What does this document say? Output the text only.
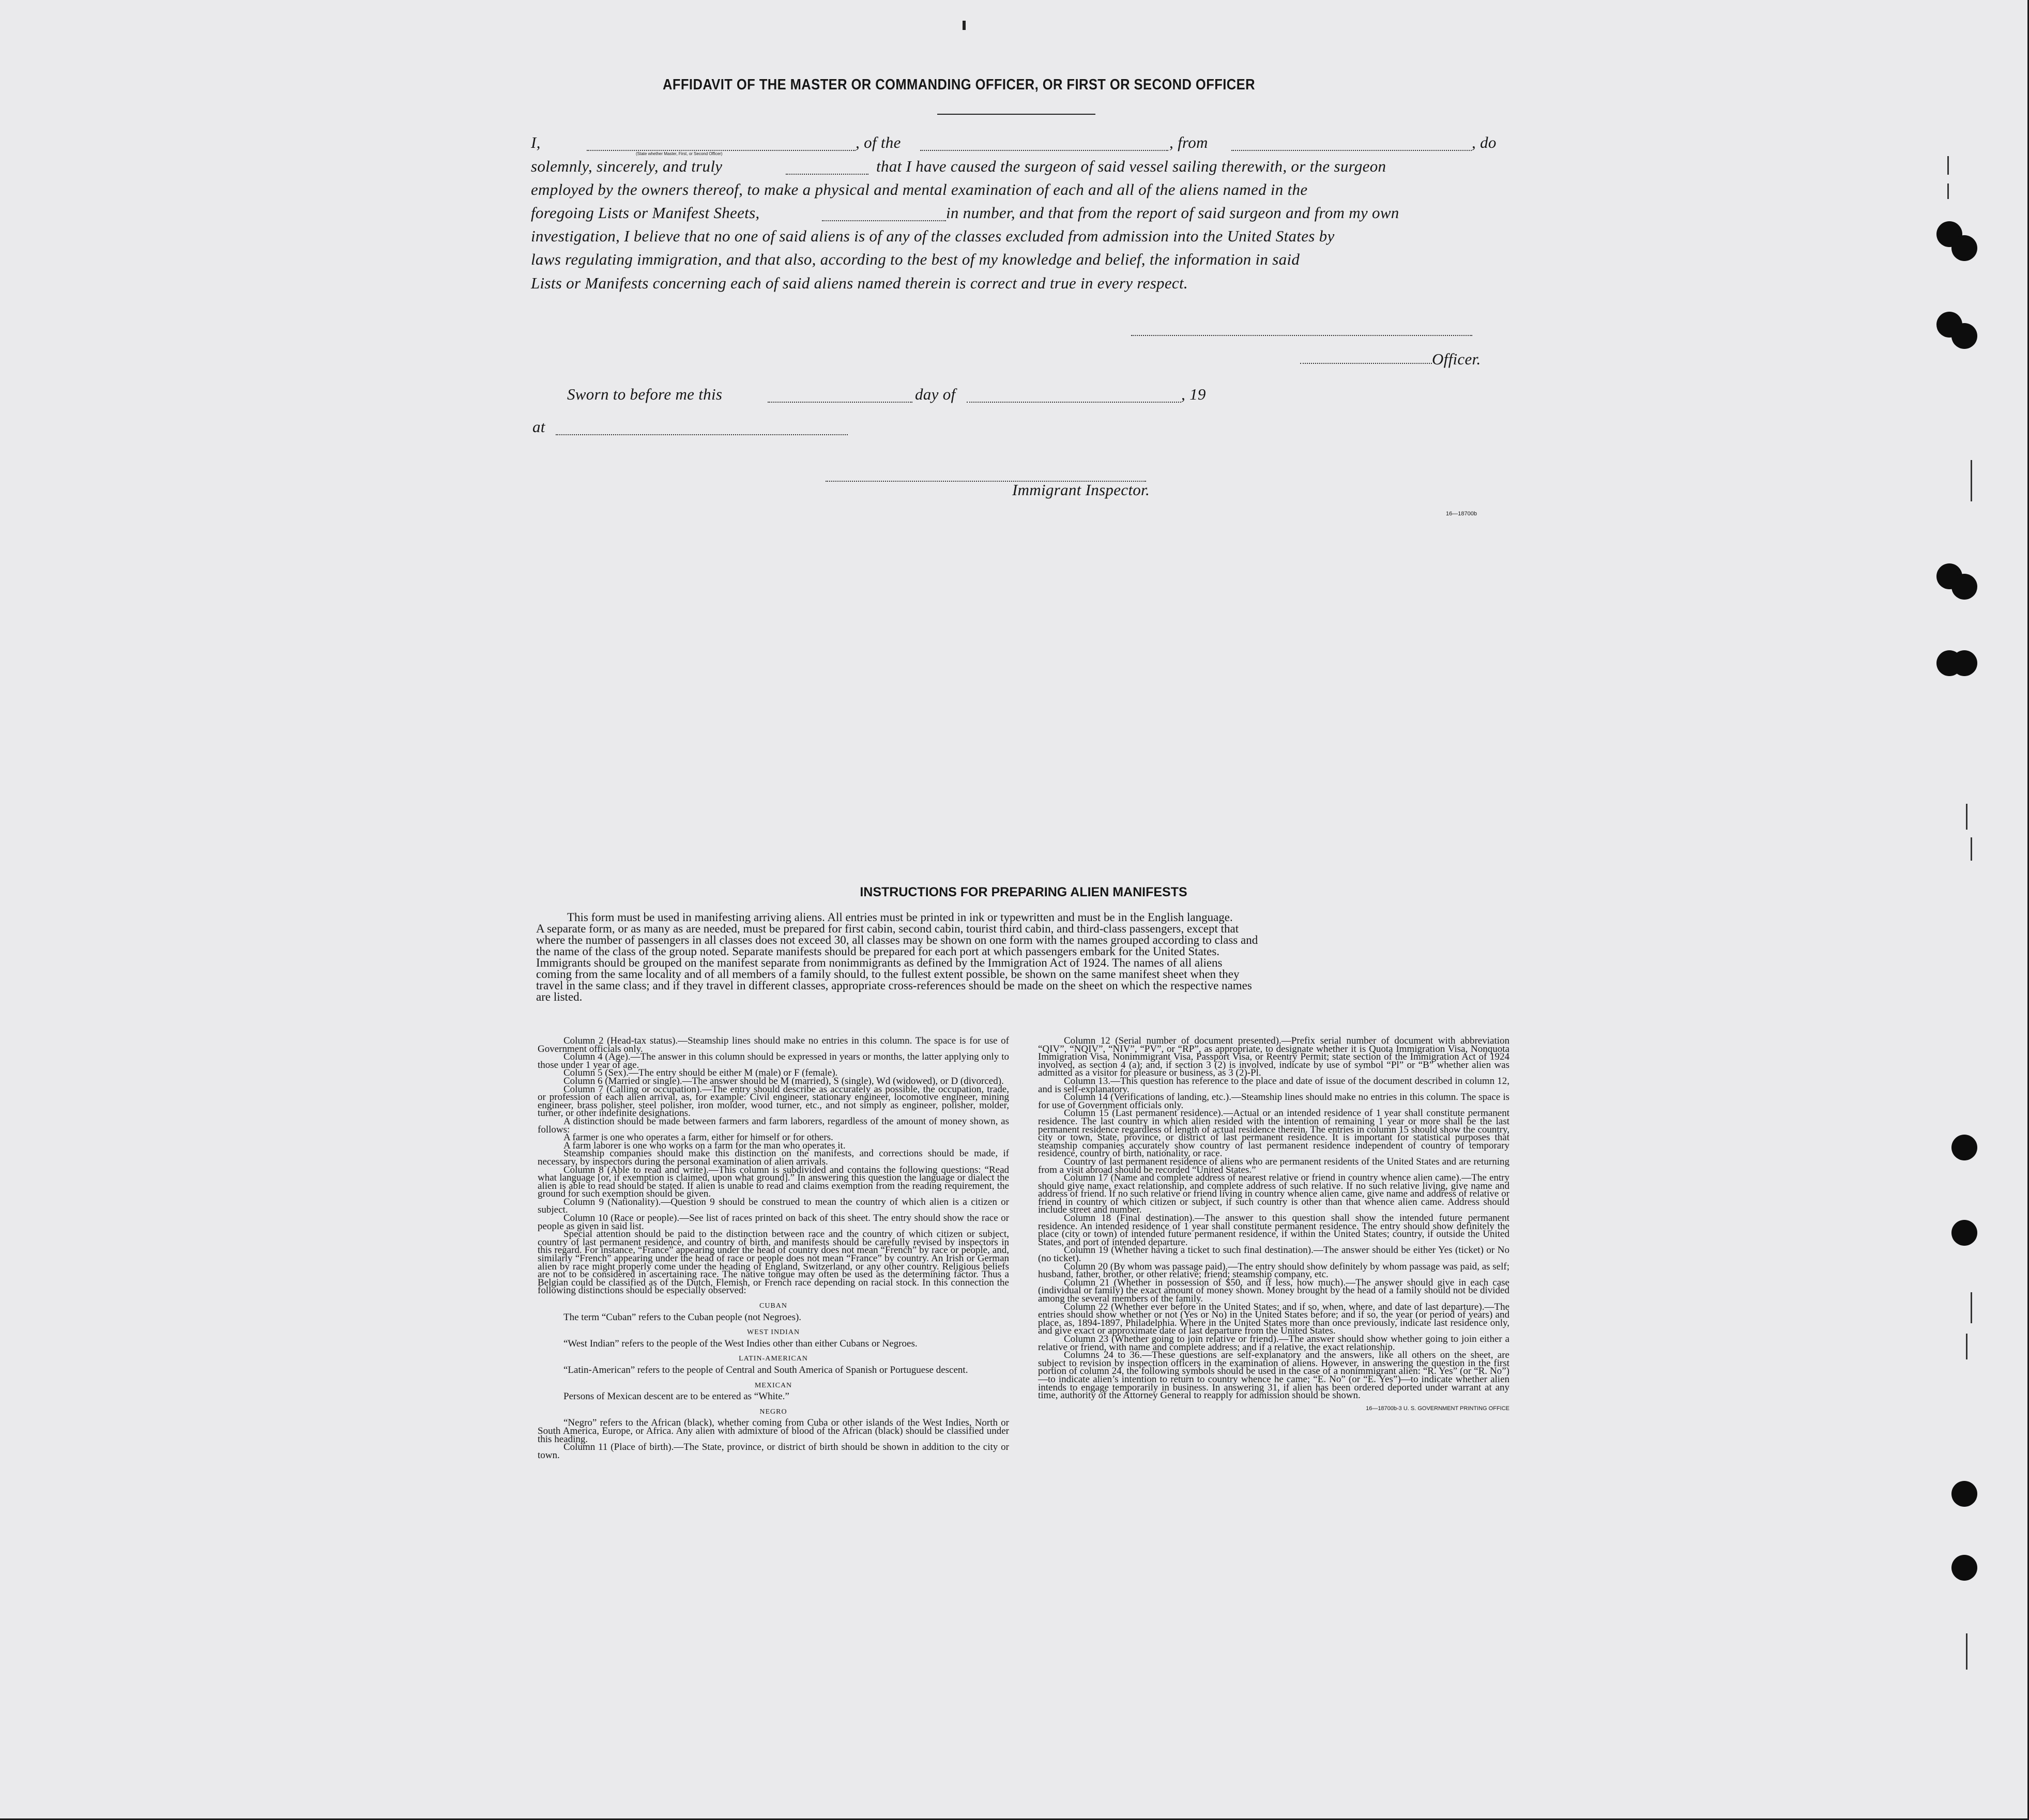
AFFIDAVIT OF THE MASTER OR COMMANDING OFFICER, OR FIRST OR SECOND OFFICER
I,
(State whether Master, First, or Second Officer)
, of the	, from	, do
solemnly, sincerely, and truly	that I have caused the surgeon of said vessel sailing therewith, or the surgeon
employed by the owners thereof, to make a physical and mental examination of each and all of the aliens named in the
foregoing Lists or Manifest Sheets,	in number, and that from the report of said surgeon and from my own
investigation, I believe that no one of said aliens is of any of the classes excluded from admission into the United States by
laws regulating immigration, and that also, according to the best of my knowledge and belief, the information in said
Lists or Manifests concerning each of said aliens named therein is correct and true in every respect.
Officer.
Sworn to before me this	day of	, 19
at
Immigrant Inspector.
16—18700b
INSTRUCTIONS FOR PREPARING ALIEN MANIFESTS
This form must be used in manifesting arriving aliens. All entries must be printed in ink or typewritten and must be in the English language.
A separate form, or as many as are needed, must be prepared for first cabin, second cabin, tourist third cabin, and third-class passengers, except that
where the number of passengers in all classes does not exceed 30, all classes may be shown on one form with the names grouped according to class and
the name of the class of the group noted. Separate manifests should be prepared for each port at which passengers embark for the United States.
Immigrants should be grouped on the manifest separate from nonimmigrants as defined by the Immigration Act of 1924. The names of all aliens
coming from the same locality and of all members of a family should, to the fullest extent possible, be shown on the same manifest sheet when they
travel in the same class; and if they travel in different classes, appropriate cross-references should be made on the sheet on which the respective names
are listed.

Column 2 (Head-tax status).—Steamship lines should make no entries in this column. The space is for use of Government officials only.

Column 4 (Age).—The answer in this column should be expressed in years or months, the latter applying only to those under 1 year of age.

Column 5 (Sex).—The entry should be either M (male) or F (female).

Column 6 (Married or single).—The answer should be M (married), S (single), Wd (widowed), or D (divorced).

Column 7 (Calling or occupation).—The entry should describe as accurately as possible, the occupation, trade, or profession of each alien arrival, as, for example: Civil engineer, stationary engineer, locomotive engineer, mining engineer, brass polisher, steel polisher, iron molder, wood turner, etc., and not simply as engineer, polisher, molder, turner, or other indefinite designations.

A distinction should be made between farmers and farm laborers, regardless of the amount of money shown, as follows:

A farmer is one who operates a farm, either for himself or for others.

A farm laborer is one who works on a farm for the man who operates it.

Steamship companies should make this distinction on the manifests, and corrections should be made, if necessary, by inspectors during the personal examination of alien arrivals.

Column 8 (Able to read and write).—This column is subdivided and contains the following questions: “Read what language [or, if exemption is claimed, upon what ground].” In answering this question the language or dialect the alien is able to read should be stated. If alien is unable to read and claims exemption from the reading requirement, the ground for such exemption should be given.

Column 9 (Nationality).—Question 9 should be construed to mean the country of which alien is a citizen or subject.

Column 10 (Race or people).—See list of races printed on back of this sheet. The entry should show the race or people as given in said list.

Special attention should be paid to the distinction between race and the country of which citizen or subject, country of last permanent residence, and country of birth, and manifests should be carefully revised by inspectors in this regard. For instance, “France” appearing under the head of country does not mean “French” by race or people, and, similarly “French” appearing under the head of race or people does not mean “France” by country. An Irish or German alien by race might properly come under the heading of England, Switzerland, or any other country. Religious beliefs are not to be considered in ascertaining race. The native tongue may often be used as the determining factor. Thus a Belgian could be classified as of the Dutch, Flemish, or French race depending on racial stock. In this connection the following distinctions should be especially observed:

CUBAN

The term “Cuban” refers to the Cuban people (not Negroes).

WEST INDIAN

“West Indian” refers to the people of the West Indies other than either Cubans or Negroes.

LATIN-AMERICAN

“Latin-American” refers to the people of Central and South America of Spanish or Portuguese descent.

MEXICAN

Persons of Mexican descent are to be entered as “White.”

NEGRO

“Negro” refers to the African (black), whether coming from Cuba or other islands of the West Indies, North or South America, Europe, or Africa. Any alien with admixture of blood of the African (black) should be classified under this heading.

Column 11 (Place of birth).—The State, province, or district of birth should be shown in addition to the city or town.

Column 12 (Serial number of document presented).—Prefix serial number of document with abbreviation “QIV”, “NQIV”, “NIV”, “PV”, or “RP”, as appropriate, to designate whether it is Quota Immigration Visa, Nonquota Immigration Visa, Nonimmigrant Visa, Passport Visa, or Reentry Permit; state section of the Immigration Act of 1924 involved, as section 4 (a); and, if section 3 (2) is involved, indicate by use of symbol “Pl” or “B” whether alien was admitted as a visitor for pleasure or business, as 3 (2)-Pl.

Column 13.—This question has reference to the place and date of issue of the document described in column 12, and is self-explanatory.

Column 14 (Verifications of landing, etc.).—Steamship lines should make no entries in this column. The space is for use of Government officials only.

Column 15 (Last permanent residence).—Actual or an intended residence of 1 year shall constitute permanent residence. The last country in which alien resided with the intention of remaining 1 year or more shall be the last permanent residence regardless of length of actual residence therein. The entries in column 15 should show the country, city or town, State, province, or district of last permanent residence. It is important for statistical purposes that steamship companies accurately show country of last permanent residence independent of country of temporary residence, country of birth, nationality, or race.

Country of last permanent residence of aliens who are permanent residents of the United States and are returning from a visit abroad should be recorded “United States.”

Column 17 (Name and complete address of nearest relative or friend in country whence alien came).—The entry should give name, exact relationship, and complete address of such relative. If no such relative living, give name and address of friend. If no such relative or friend living in country whence alien came, give name and address of relative or friend in country of which citizen or subject, if such country is other than that whence alien came. Address should include street and number.

Column 18 (Final destination).—The answer to this question shall show the intended future permanent residence. An intended residence of 1 year shall constitute permanent residence. The entry should show definitely the place (city or town) of intended future permanent residence, if within the United States; country, if outside the United States, and port of intended departure.

Column 19 (Whether having a ticket to such final destination).—The answer should be either Yes (ticket) or No (no ticket).

Column 20 (By whom was passage paid).—The entry should show definitely by whom passage was paid, as self; husband, father, brother, or other relative; friend; steamship company, etc.

Column 21 (Whether in possession of $50, and if less, how much).—The answer should give in each case (individual or family) the exact amount of money shown. Money brought by the head of a family should not be divided among the several members of the family.

Column 22 (Whether ever before in the United States; and if so, when, where, and date of last departure).—The entries should show whether or not (Yes or No) in the United States before; and if so, the year (or period of years) and place, as, 1894-1897, Philadelphia. Where in the United States more than once previously, indicate last residence only, and give exact or approximate date of last departure from the United States.

Column 23 (Whether going to join relative or friend).—The answer should show whether going to join either a relative or friend, with name and complete address; and if a relative, the exact relationship.

Columns 24 to 36.—These questions are self-explanatory and the answers, like all others on the sheet, are subject to revision by inspection officers in the examination of aliens. However, in answering the question in the first portion of column 24, the following symbols should be used in the case of a nonimmigrant alien: “R. Yes” (or “R. No”)—to indicate alien’s intention to return to country whence he came; “E. No” (or “E. Yes”)—to indicate whether alien intends to engage temporarily in business. In answering 31, if alien has been ordered deported under warrant at any time, authority of the Attorney General to reapply for admission should be shown.

16—18700b-3 U. S. GOVERNMENT PRINTING OFFICE
